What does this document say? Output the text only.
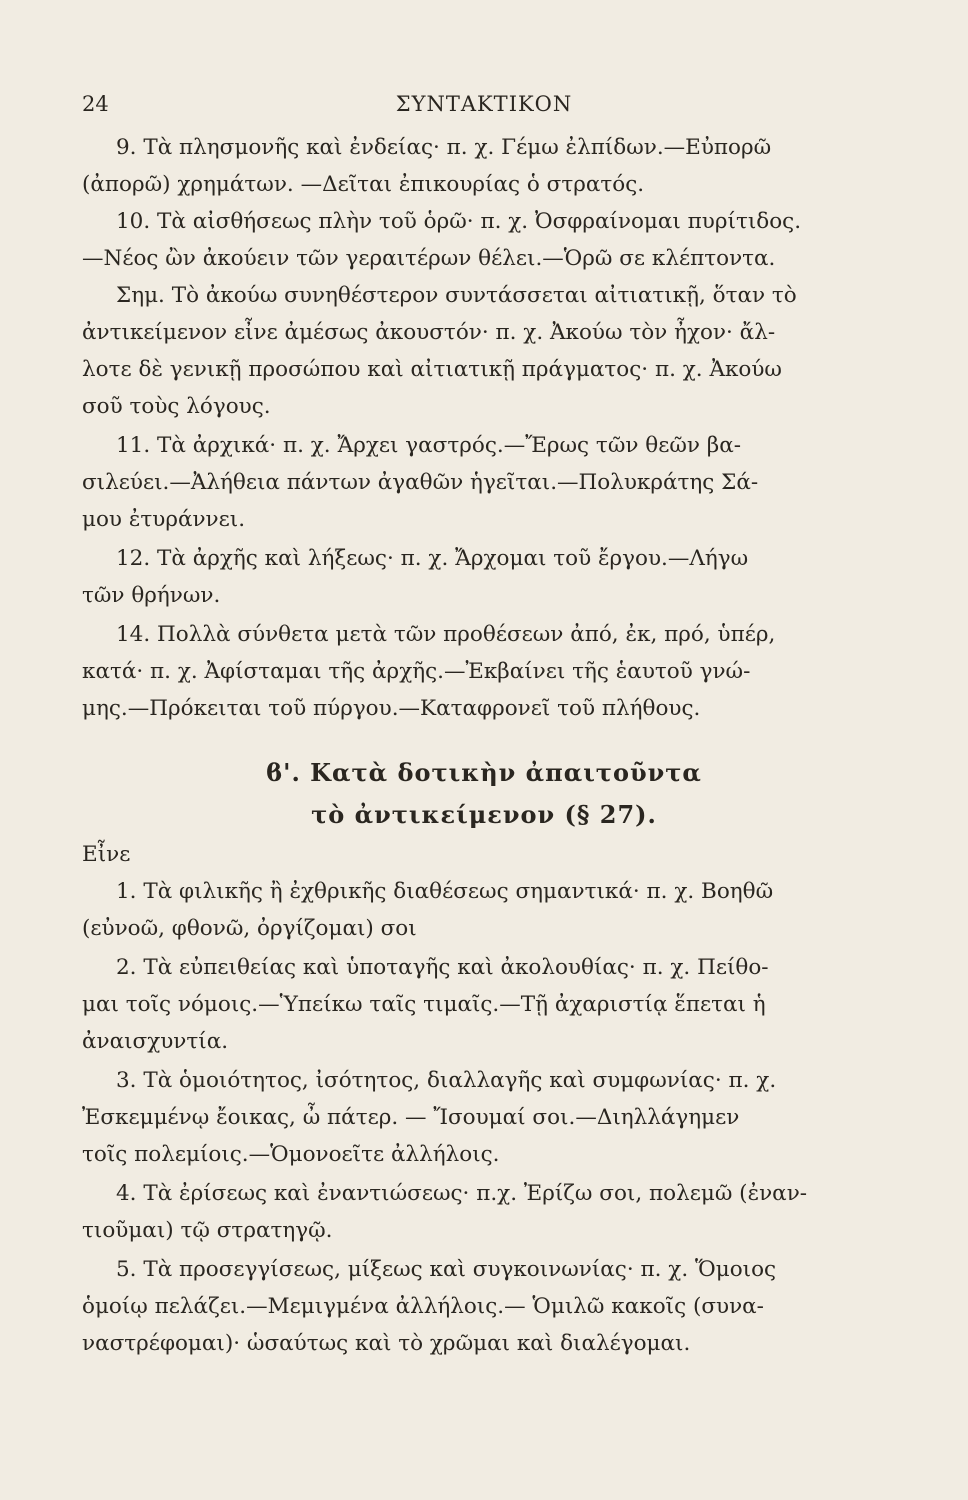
24	ΣΥΝΤΑΚΤΙΚΟΝ
9. Τὰ πλησμονῆς καὶ ἐνδείας· π. χ. Γέμω ἐλπίδων.—Εὐπορῶ
(ἀπορῶ) χρημάτων. —Δεῖται ἐπικουρίας ὁ στρατός.
10. Τὰ αἰσθήσεως πλὴν τοῦ ὁρῶ· π. χ. Ὀσφραίνομαι πυρίτιδος.
—Νέος ὢν ἀκούειν τῶν γεραιτέρων θέλει.—Ὁρῶ σε κλέπτοντα.
Σημ. Τὸ ἀκούω συνηθέστερον συντάσσεται αἰτιατικῇ, ὅταν τὸ
ἀντικείμενον εἶνε ἀμέσως ἀκουστόν· π. χ. Ἀκούω τὸν ἦχον· ἄλ-
λοτε δὲ γενικῇ προσώπου καὶ αἰτιατικῇ πράγματος· π. χ. Ἀκούω
σοῦ τοὺς λόγους.
11. Τὰ ἀρχικά· π. χ. Ἄρχει γαστρός.—Ἔρως τῶν θεῶν βα-
σιλεύει.—Ἀλήθεια πάντων ἀγαθῶν ἡγεῖται.—Πολυκράτης Σά-
μου ἐτυράννει.
12. Τὰ ἀρχῆς καὶ λήξεως· π. χ. Ἄρχομαι τοῦ ἔργου.—Λήγω
τῶν θρήνων.
14. Πολλὰ σύνθετα μετὰ τῶν προθέσεων ἀπό, ἐκ, πρό, ὑπέρ,
κατά· π. χ. Ἀφίσταμαι τῆς ἀρχῆς.—Ἐκβαίνει τῆς ἑαυτοῦ γνώ-
μης.—Πρόκειται τοῦ πύργου.—Καταφρονεῖ τοῦ πλήθους.
ϐ'. Κατὰ δοτικὴν ἀπαιτοῦντα
τὸ ἀντικείμενον (§ 27).
Εἶνε
1. Τὰ φιλικῆς ἢ ἐχθρικῆς διαθέσεως σημαντικά· π. χ. Βοηθῶ
(εὐνοῶ, φθονῶ, ὀργίζομαι) σοι
2. Τὰ εὐπειθείας καὶ ὑποταγῆς καὶ ἀκολουθίας· π. χ. Πείθο-
μαι τοῖς νόμοις.—Ὑπείκω ταῖς τιμαῖς.—Τῇ ἀχαριστίᾳ ἕπεται ἡ
ἀναισχυντία.
3. Τὰ ὁμοιότητος, ἰσότητος, διαλλαγῆς καὶ συμφωνίας· π. χ.
Ἐσκεμμένῳ ἔοικας, ὦ πάτερ. — Ἴσουμαί σοι.—Διηλλάγημεν
τοῖς πολεμίοις.—Ὁμονοεῖτε ἀλλήλοις.
4. Τὰ ἐρίσεως καὶ ἐναντιώσεως· π.χ. Ἐρίζω σοι, πολεμῶ (ἐναν-
τιοῦμαι) τῷ στρατηγῷ.
5. Τὰ προσεγγίσεως, μίξεως καὶ συγκοινωνίας· π. χ. Ὅμοιος
ὁμοίῳ πελάζει.—Μεμιγμένα ἀλλήλοις.— Ὁμιλῶ κακοῖς (συνα-
ναστρέφομαι)· ὡσαύτως καὶ τὸ χρῶμαι καὶ διαλέγομαι.
